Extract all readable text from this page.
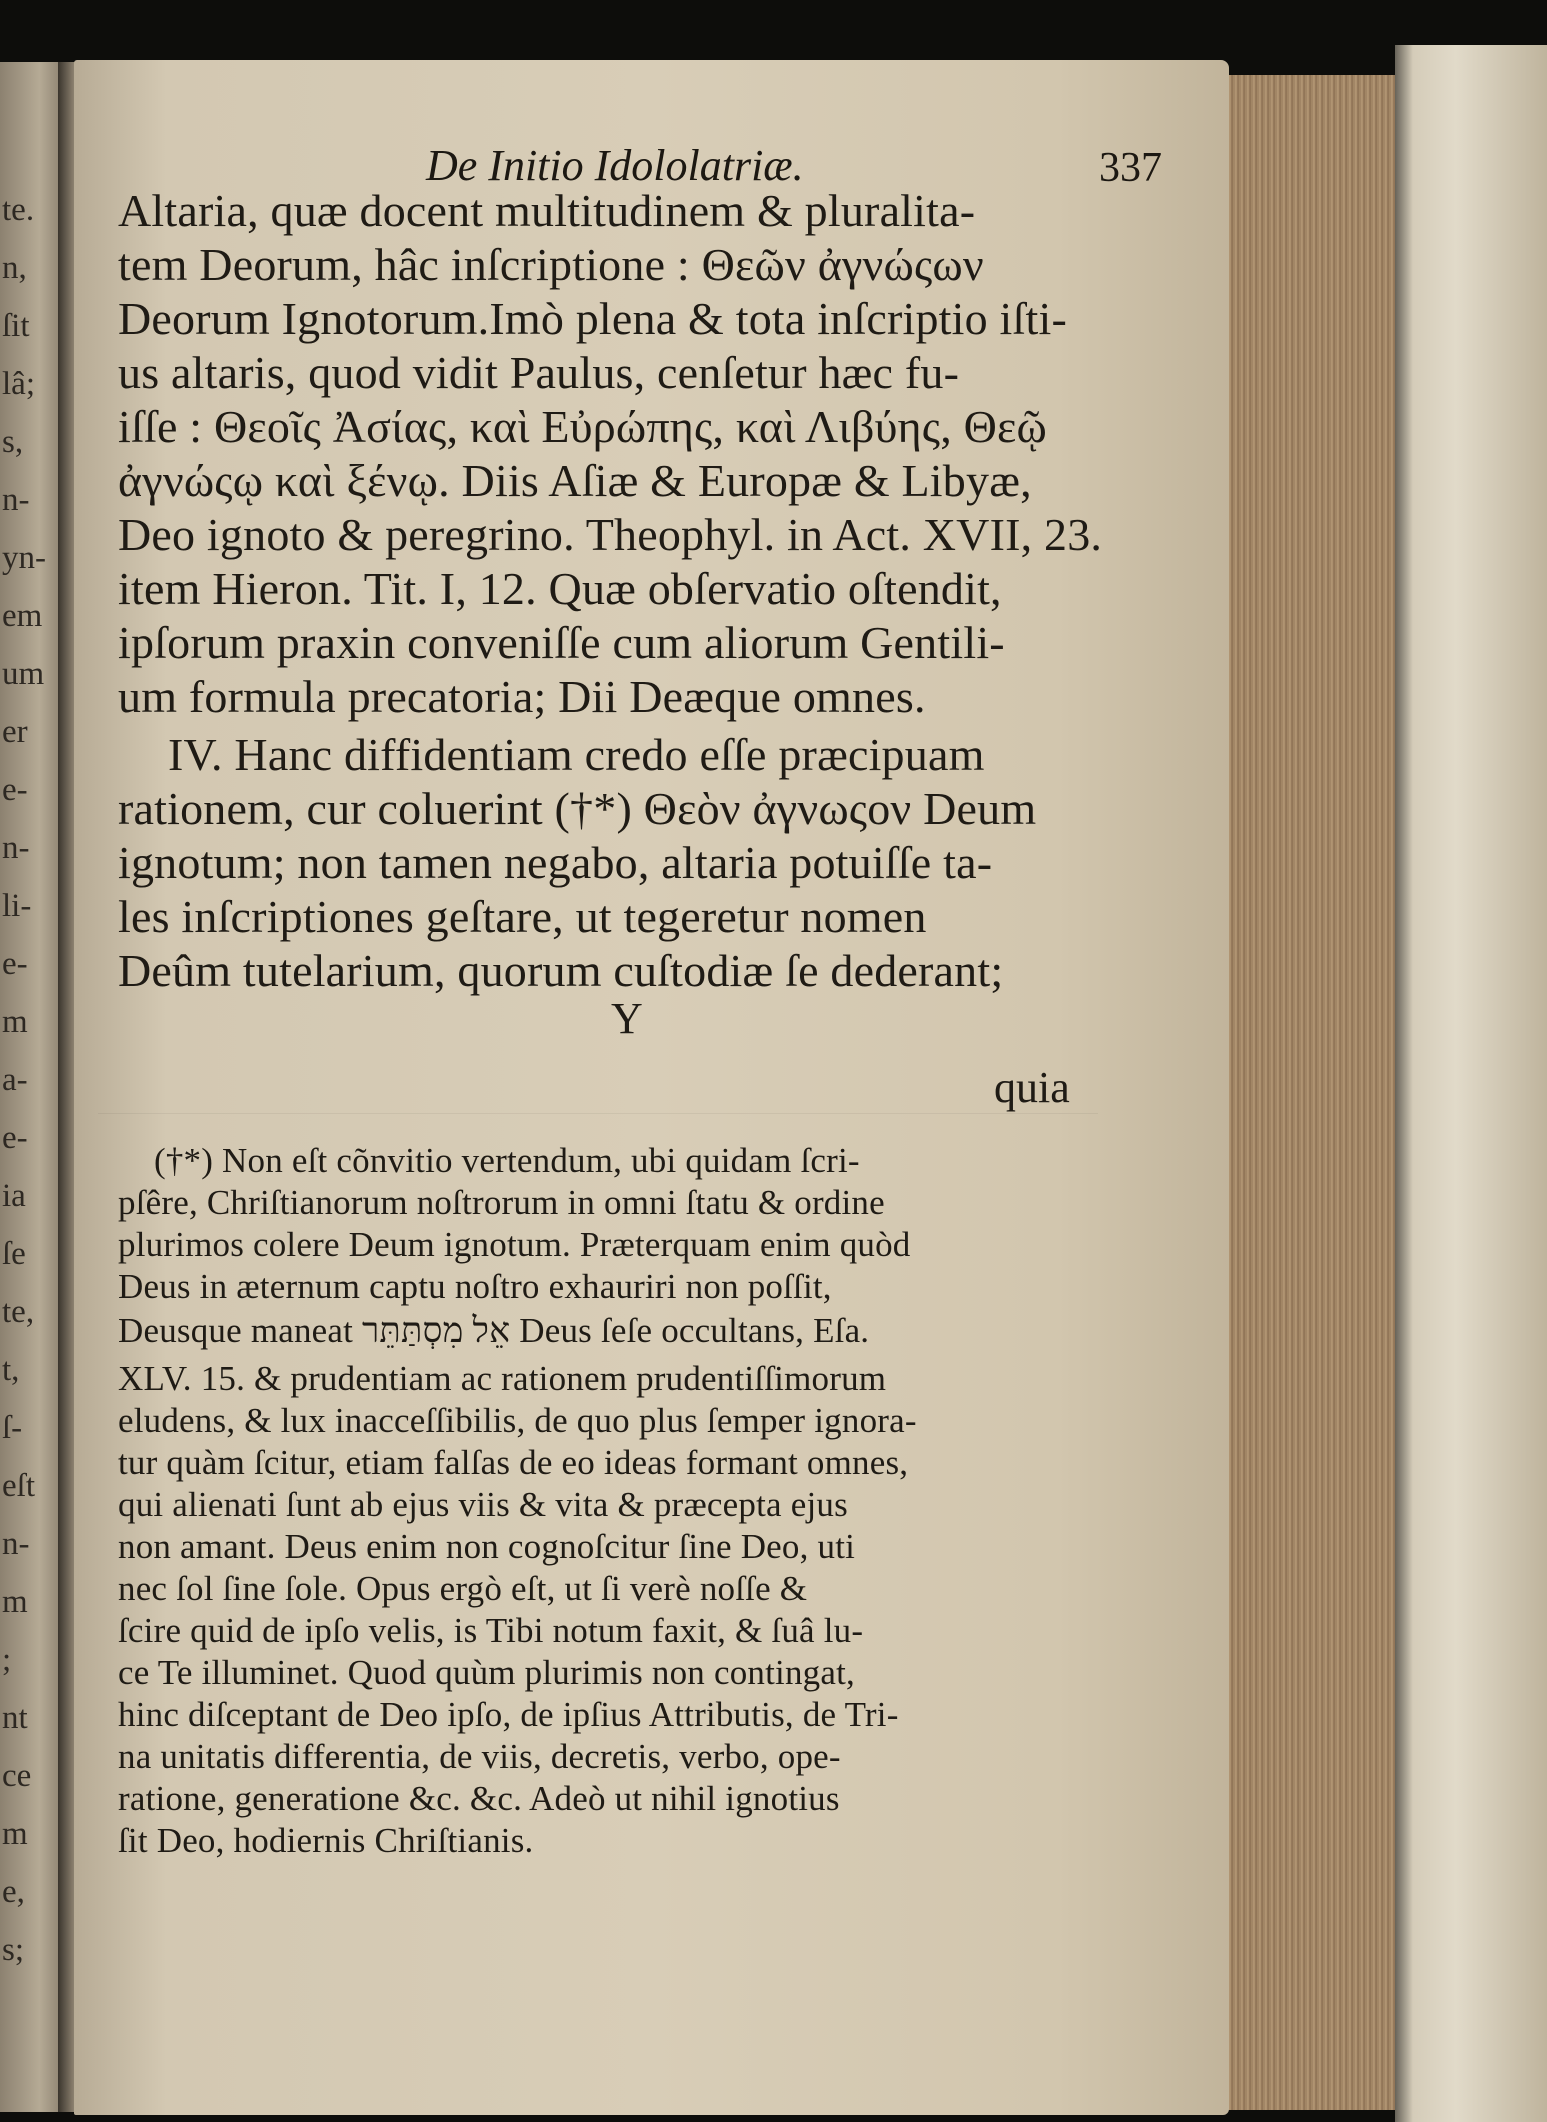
te.
n,
ſit
lâ;
s,
n-
yn-
em
um
er
e-
n-
li-
e-
m
a-
e-
ia
ſe
te,
t,
ſ-
eſt
n-
m
;
nt
ce
m
e,
s;
De Initio Idololatriæ.	337
Altaria, quæ docent multitudinem & pluralita-
tem Deorum, hâc inſcriptione : Θεῶν ἀγνώςων
Deorum Ignotorum.Imò plena & tota inſcriptio iſti-
us altaris, quod vidit Paulus, cenſetur hæc fu-
iſſe : Θεοῖς Ἀσίας, καὶ Εὐρώπης, καὶ Λιβύης, Θεῷ
ἀγνώςῳ καὶ ξένῳ. Diis Aſiæ & Europæ & Libyæ,
Deo ignoto & peregrino. Theophyl. in Act. XVII, 23.
item Hieron. Tit. I, 12. Quæ obſervatio oſtendit,
ipſorum praxin conveniſſe cum aliorum Gentili-
um formula precatoria; Dii Deæque omnes.
IV. Hanc diffidentiam credo eſſe præcipuam
rationem, cur coluerint (†*) Θεὸν ἀγνωςον Deum
ignotum; non tamen negabo, altaria potuiſſe ta-
les inſcriptiones geſtare, ut tegeretur nomen
Deûm tutelarium, quorum cuſtodiæ ſe dederant;
Y
quia
(†*) Non eſt cõnvitio vertendum, ubi quidam ſcri-
pſêre, Chriſtianorum noſtrorum in omni ſtatu & ordine
plurimos colere Deum ignotum. Præterquam enim quòd
Deus in æternum captu noſtro exhauriri non poſſit,
Deusque maneat אֵל מִסְתַּתֵּר Deus ſeſe occultans, Eſa.
XLV. 15. & prudentiam ac rationem prudentiſſimorum
eludens, & lux inacceſſibilis, de quo plus ſemper ignora-
tur quàm ſcitur, etiam falſas de eo ideas formant omnes,
qui alienati ſunt ab ejus viis & vita & præcepta ejus
non amant. Deus enim non cognoſcitur ſine Deo, uti
nec ſol ſine ſole. Opus ergò eſt, ut ſi verè noſſe &
ſcire quid de ipſo velis, is Tibi notum faxit, & ſuâ lu-
ce Te illuminet. Quod quùm plurimis non contingat,
hinc diſceptant de Deo ipſo, de ipſius Attributis, de Tri-
na unitatis differentia, de viis, decretis, verbo, ope-
ratione, generatione &c. &c. Adeò ut nihil ignotius
ſit Deo, hodiernis Chriſtianis.
